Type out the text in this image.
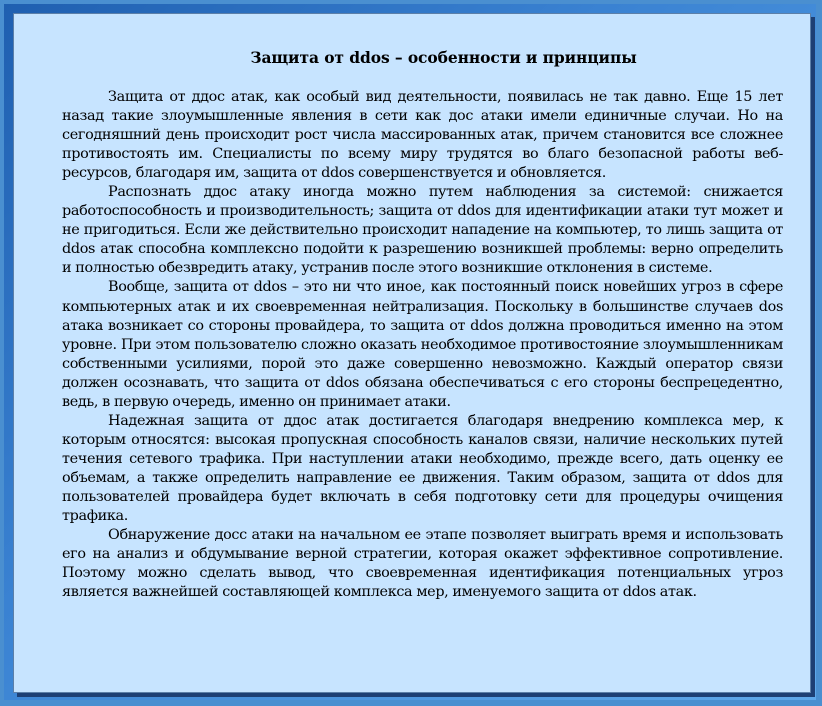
Защита от ddos – особенности и принципы

Защита от ддос атак, как особый вид деятельности, появилась не так давно. Еще 15 лет назад такие злоумышленные явления в сети как дос атаки имели единичные случаи. Но на сегодняшний день происходит рост числа массированных атак, причем становится все сложнее противостоять им. Специалисты по всему миру трудятся во благо безопасной работы веб-ресурсов, благодаря им, защита от ddos совершенствуется и обновляется.

Распознать ддос атаку иногда можно путем наблюдения за системой: снижается работоспособность и производительность; защита от ddos для идентификации атаки тут может и не пригодиться. Если же действительно происходит нападение на компьютер, то лишь защита от ddos атак способна комплексно подойти к разрешению возникшей проблемы: верно определить и полностью обезвредить атаку, устранив после этого возникшие отклонения в системе.

Вообще, защита от ddos – это ни что иное, как постоянный поиск новейших угроз в сфере компьютерных атак и их своевременная нейтрализация. Поскольку в большинстве случаев dos атака возникает со стороны провайдера, то защита от ddos должна проводиться именно на этом уровне. При этом пользователю сложно оказать необходимое противостояние злоумышленникам собственными усилиями, порой это даже совершенно невозможно. Каждый оператор связи должен осознавать, что защита от ddos обязана обеспечиваться с его стороны беспрецедентно, ведь, в первую очередь, именно он принимает атаки.

Надежная защита от ддос атак достигается благодаря внедрению комплекса мер, к которым относятся: высокая пропускная способность каналов связи, наличие нескольких путей течения сетевого трафика. При наступлении атаки необходимо, прежде всего, дать оценку ее объемам, а также определить направление ее движения. Таким образом, защита от ddos для пользователей провайдера будет включать в себя подготовку сети для процедуры очищения трафика.

Обнаружение досс атаки на начальном ее этапе позволяет выиграть время и использовать его на анализ и обдумывание верной стратегии, которая окажет эффективное сопротивление. Поэтому можно сделать вывод, что своевременная идентификация потенциальных угроз является важнейшей составляющей комплекса мер, именуемого защита от ddos атак.
